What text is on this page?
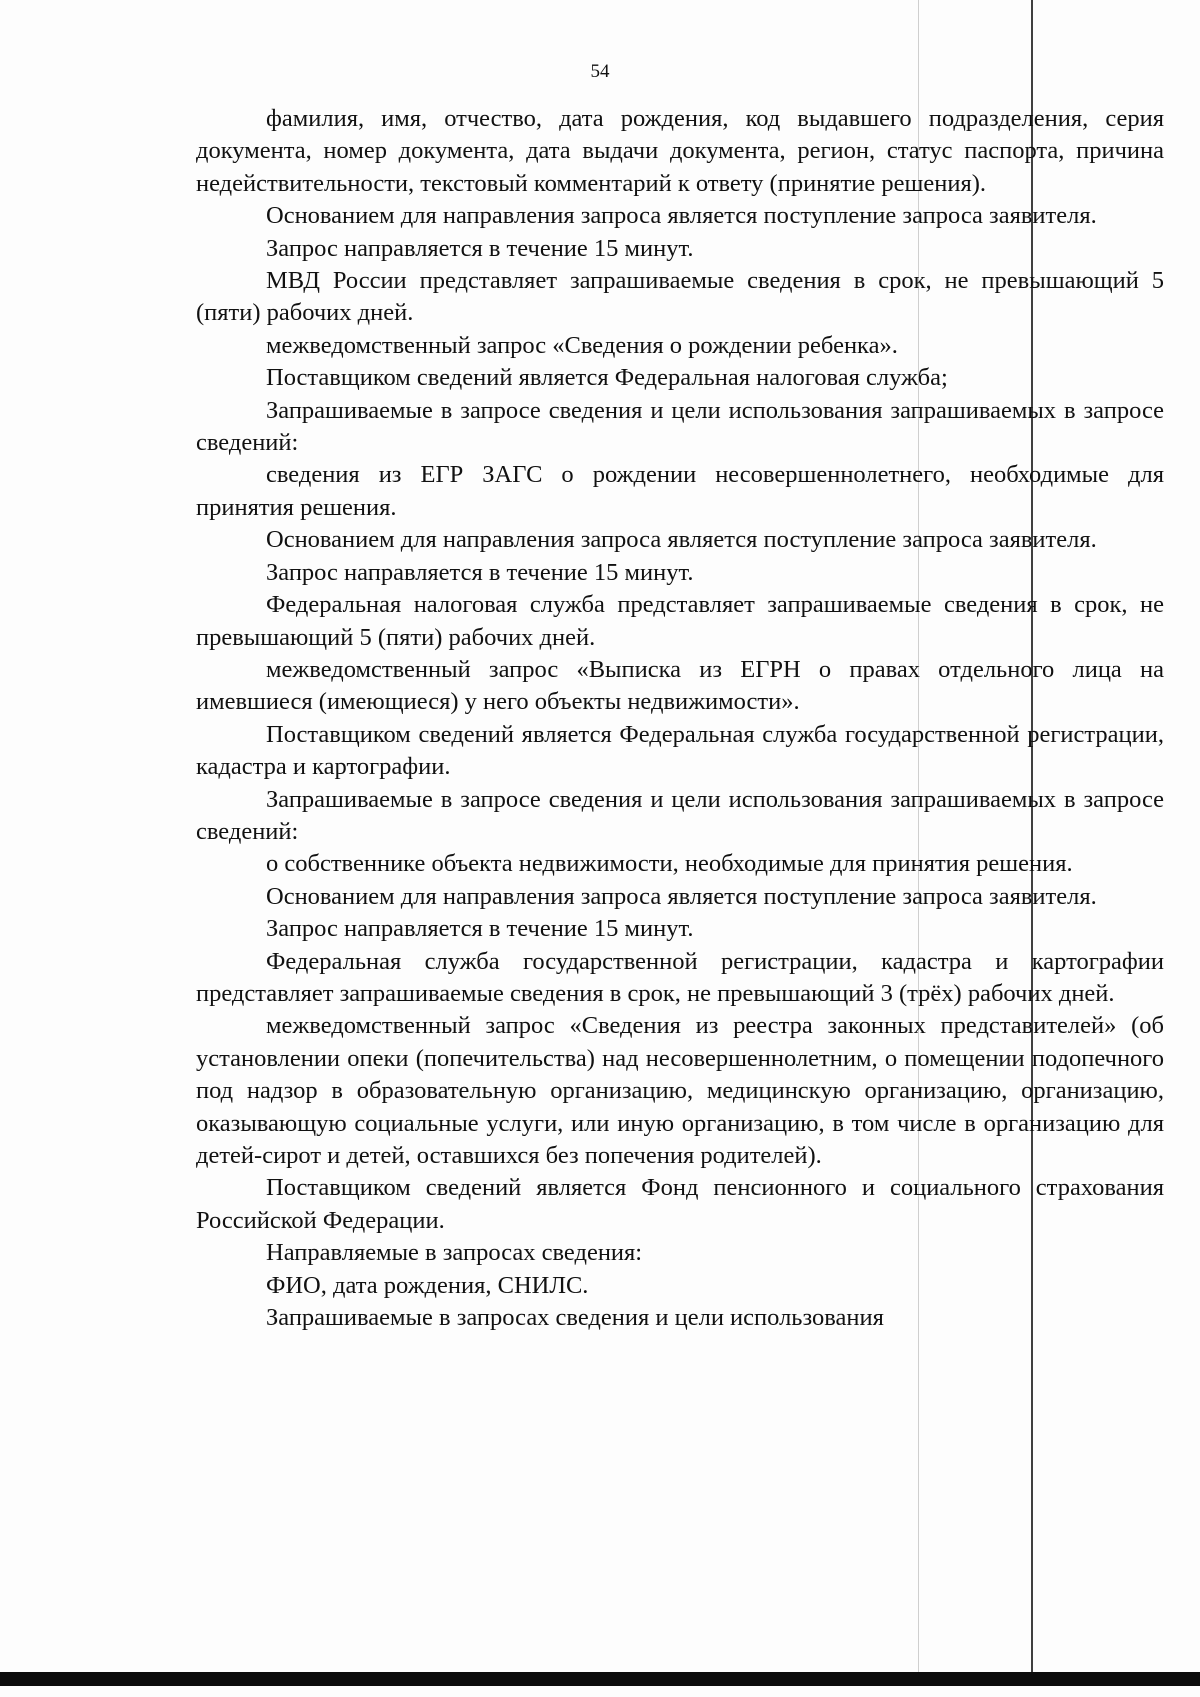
54

фамилия, имя, отчество, дата рождения, код выдавшего подразделения, серия документа, номер документа, дата выдачи документа, регион, статус паспорта, причина недействительности, текстовый комментарий к ответу (принятие решения).

Основанием для направления запроса является поступление запроса заявителя.

Запрос направляется в течение 15 минут.

МВД России представляет запрашиваемые сведения в срок, не превышающий 5 (пяти) рабочих дней.

межведомственный запрос «Сведения о рождении ребенка».

Поставщиком сведений является Федеральная налоговая служба;

Запрашиваемые в запросе сведения и цели использования запрашиваемых в запросе сведений:

сведения из ЕГР ЗАГС о рождении несовершеннолетнего, необходимые для принятия решения.

Основанием для направления запроса является поступление запроса заявителя.

Запрос направляется в течение 15 минут.

Федеральная налоговая служба представляет запрашиваемые сведения в срок, не превышающий 5 (пяти) рабочих дней.

межведомственный запрос «Выписка из ЕГРН о правах отдельного лица на имевшиеся (имеющиеся) у него объекты недвижимости».

Поставщиком сведений является Федеральная служба государственной регистрации, кадастра и картографии.

Запрашиваемые в запросе сведения и цели использования запрашиваемых в запросе сведений:

о собственнике объекта недвижимости, необходимые для принятия решения.

Основанием для направления запроса является поступление запроса заявителя.

Запрос направляется в течение 15 минут.

Федеральная служба государственной регистрации, кадастра и картографии представляет запрашиваемые сведения в срок, не превышающий 3 (трёх) рабочих дней.

межведомственный запрос «Сведения из реестра законных представителей» (об установлении опеки (попечительства) над несовершеннолетним, о помещении подопечного под надзор в образовательную организацию, медицинскую организацию, организацию, оказывающую социальные услуги, или иную организацию, в том числе в организацию для детей-сирот и детей, оставшихся без попечения родителей).

Поставщиком сведений является Фонд пенсионного и социального страхования Российской Федерации.

Направляемые в запросах сведения:

ФИО, дата рождения, СНИЛС.

Запрашиваемые в запросах сведения и цели использования
